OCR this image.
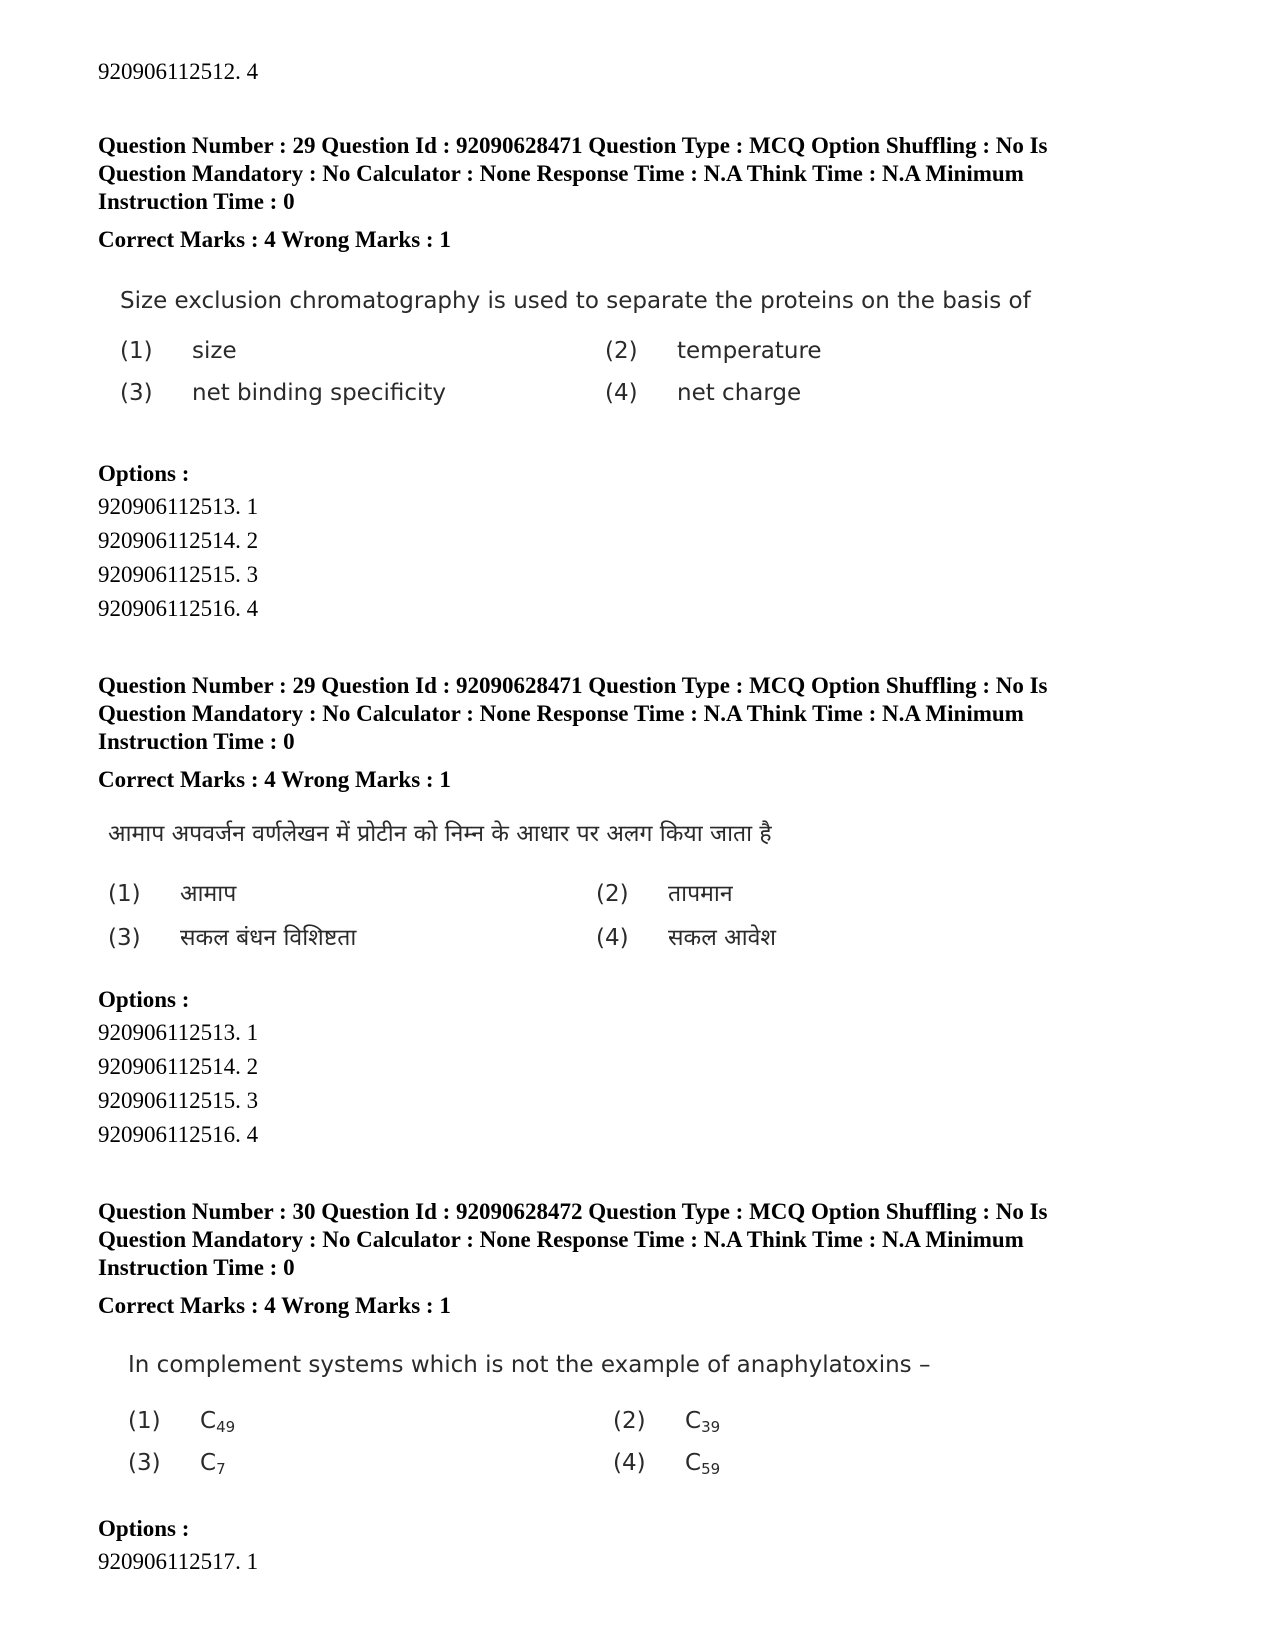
920906112512. 4

Question Number : 29 Question Id : 92090628471 Question Type : MCQ Option Shuffling : No Is

Question Mandatory : No Calculator : None Response Time : N.A Think Time : N.A Minimum

Instruction Time : 0

Correct Marks : 4 Wrong Marks : 1
Size exclusion chromatography is used to separate the proteins on the basis of
(1) size	(2) temperature
(3) net binding specificity	(4) net charge
Options :
920906112513. 1
920906112514. 2
920906112515. 3
920906112516. 4

Question Number : 29 Question Id : 92090628471 Question Type : MCQ Option Shuffling : No Is

Question Mandatory : No Calculator : None Response Time : N.A Think Time : N.A Minimum

Instruction Time : 0

Correct Marks : 4 Wrong Marks : 1
आमाप अपवर्जन वर्णलेखन में प्रोटीन को निम्न के आधार पर अलग किया जाता है
(1) आमाप	(2) तापमान
(3) सकल बंधन विशिष्टता	(4) सकल आवेश
Options :
920906112513. 1
920906112514. 2
920906112515. 3
920906112516. 4

Question Number : 30 Question Id : 92090628472 Question Type : MCQ Option Shuffling : No Is

Question Mandatory : No Calculator : None Response Time : N.A Think Time : N.A Minimum

Instruction Time : 0

Correct Marks : 4 Wrong Marks : 1
In complement systems which is not the example of anaphylatoxins –
(1) $C_{49}$	(2) $C_{39}$
(3) $C_7$	(4) $C_{59}$
Options :
920906112517. 1
